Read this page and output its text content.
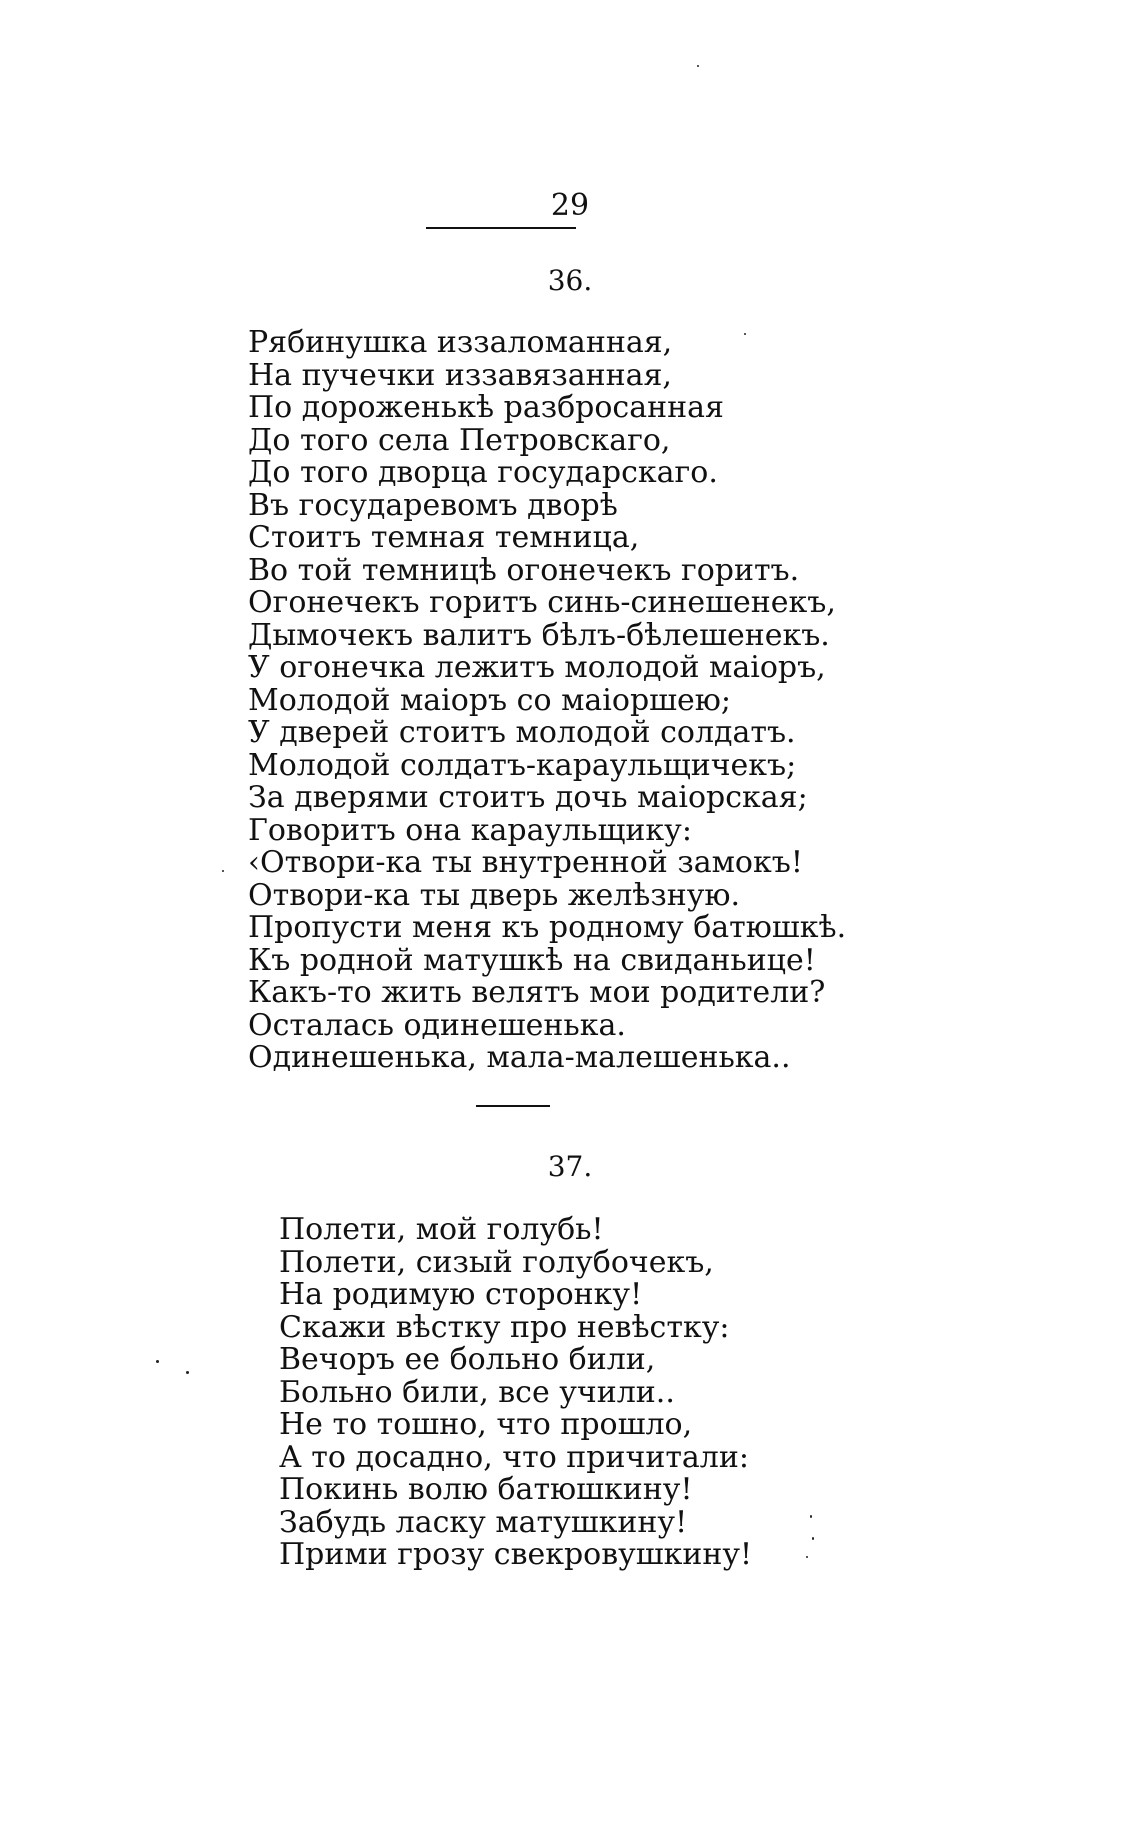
29
36.
Рябинушка иззаломанная,
На пучечки иззавязанная,
По дороженькѣ разбросанная
До того села Петровскаго,
До того дворца государскаго.
Въ государевомъ дворѣ
Стоитъ темная темница,
Во той темницѣ огонечекъ горитъ.
Огонечекъ горитъ синь-синешенекъ,
Дымочекъ валитъ бѣлъ-бѣлешенекъ.
У огонечка лежитъ молодой маіоръ,
Молодой маіоръ со маіоршею;
У дверей стоитъ молодой солдатъ.
Молодой солдатъ-караульщичекъ;
За дверями стоитъ дочь маіорская;
Говоритъ она караульщику:
‹Отвори-ка ты внутренной замокъ!
Отвори-ка ты дверь желѣзную.
Пропусти меня къ родному батюшкѣ.
Къ родной матушкѣ на свиданьице!
Какъ-то жить велятъ мои родители?
Осталась одинешенька.
Одинешенька, мала-малешенька..
37.
Полети, мой голубь!
Полети, сизый голубочекъ,
На родимую сторонку!
Скажи вѣстку про невѣстку:
Вечоръ ее больно били,
Больно били, все учили..
Не то тошно, что прошло,
А то досадно, что причитали:
Покинь волю батюшкину!
Забудь ласку матушкину!
Прими грозу свекровушкину!
